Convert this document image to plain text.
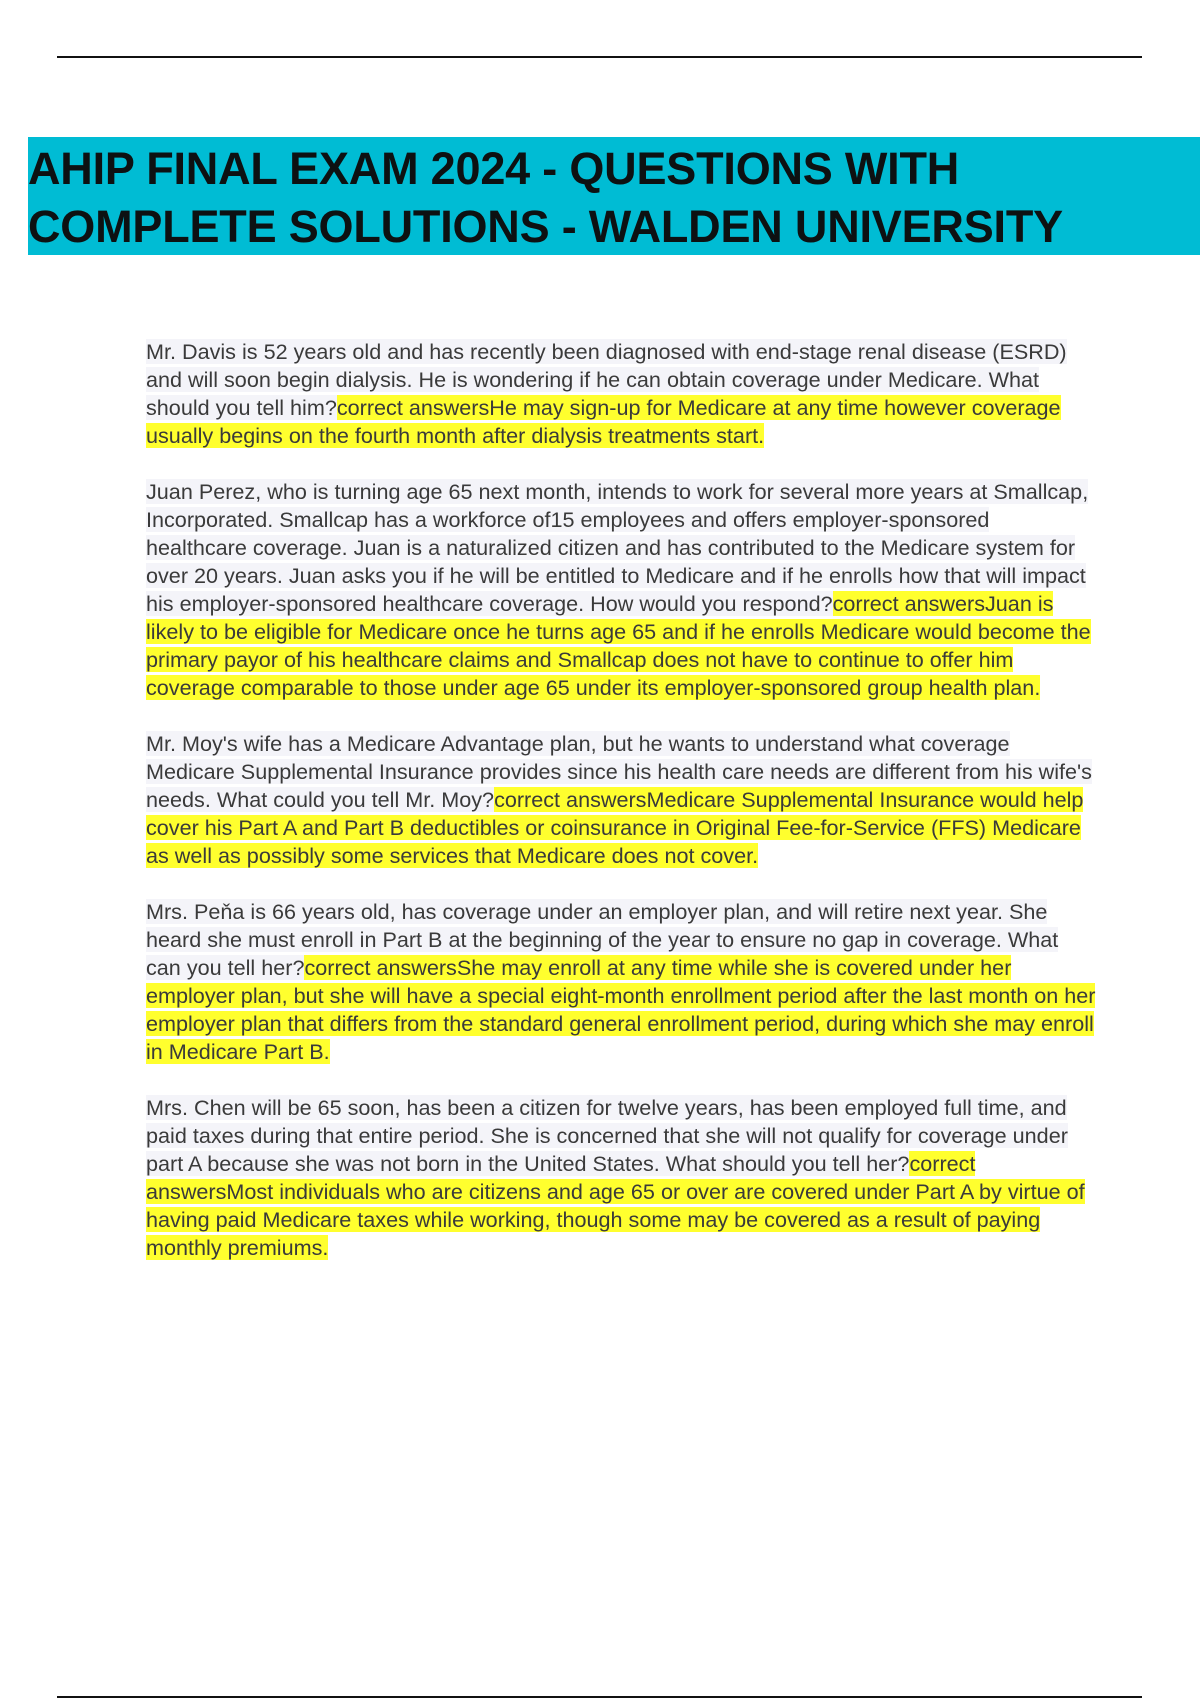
AHIP FINAL EXAM 2024 - QUESTIONS WITH
COMPLETE SOLUTIONS - WALDEN UNIVERSITY

Mr. Davis is 52 years old and has recently been diagnosed with end-stage renal disease (ESRD) and will soon begin dialysis. He is wondering if he can obtain coverage under Medicare. What should you tell him?correct answersHe may sign-up for Medicare at any time however coverage usually begins on the fourth month after dialysis treatments start.

Juan Perez, who is turning age 65 next month, intends to work for several more years at Smallcap, Incorporated. Smallcap has a workforce of15 employees and offers employer-sponsored healthcare coverage. Juan is a naturalized citizen and has contributed to the Medicare system for over 20 years. Juan asks you if he will be entitled to Medicare and if he enrolls how that will impact his employer-sponsored healthcare coverage. How would you respond?correct answersJuan is likely to be eligible for Medicare once he turns age 65 and if he enrolls Medicare would become the primary payor of his healthcare claims and Smallcap does not have to continue to offer him coverage comparable to those under age 65 under its employer-sponsored group health plan.

Mr. Moy's wife has a Medicare Advantage plan, but he wants to understand what coverage Medicare Supplemental Insurance provides since his health care needs are different from his wife's needs. What could you tell Mr. Moy?correct answersMedicare Supplemental Insurance would help cover his Part A and Part B deductibles or coinsurance in Original Fee-for-Service (FFS) Medicare as well as possibly some services that Medicare does not cover.

Mrs. Peňa is 66 years old, has coverage under an employer plan, and will retire next year. She heard she must enroll in Part B at the beginning of the year to ensure no gap in coverage. What can you tell her?correct answersShe may enroll at any time while she is covered under her employer plan, but she will have a special eight-month enrollment period after the last month on her employer plan that differs from the standard general enrollment period, during which she may enroll in Medicare Part B.

Mrs. Chen will be 65 soon, has been a citizen for twelve years, has been employed full time, and paid taxes during that entire period. She is concerned that she will not qualify for coverage under part A because she was not born in the United States. What should you tell her?correct answersMost individuals who are citizens and age 65 or over are covered under Part A by virtue of having paid Medicare taxes while working, though some may be covered as a result of paying monthly premiums.
